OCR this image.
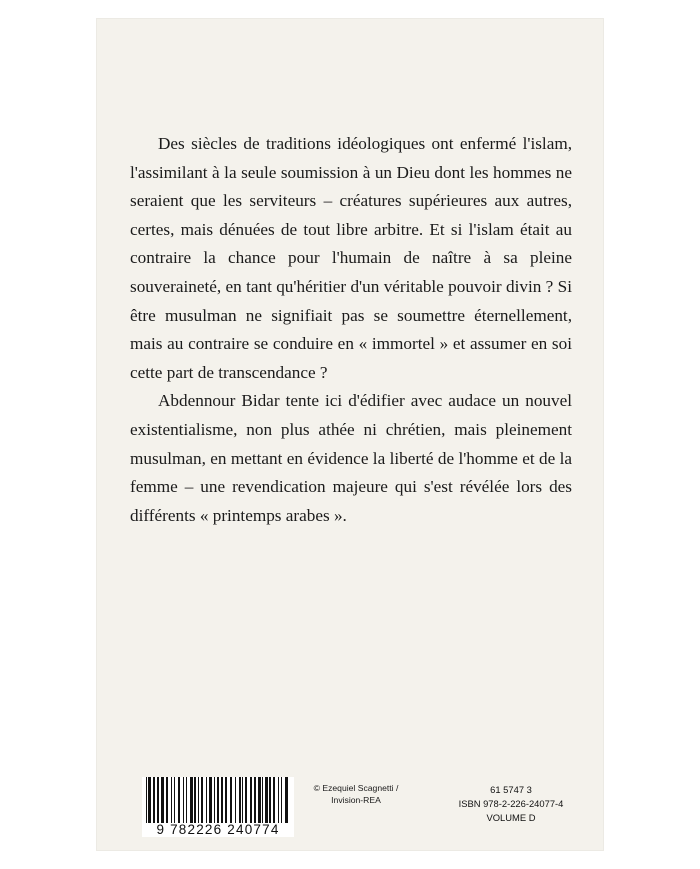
Des siècles de traditions idéologiques ont enfermé l'islam, l'assimilant à la seule soumission à un Dieu dont les hommes ne seraient que les serviteurs – créatures supérieures aux autres, certes, mais dénuées de tout libre arbitre. Et si l'islam était au contraire la chance pour l'humain de naître à sa pleine souveraineté, en tant qu'héritier d'un véritable pouvoir divin ? Si être musulman ne signifiait pas se soumettre éternellement, mais au contraire se conduire en « immortel » et assumer en soi cette part de transcendance ?

Abdennour Bidar tente ici d'édifier avec audace un nouvel existentialisme, non plus athée ni chrétien, mais pleinement musulman, en mettant en évidence la liberté de l'homme et de la femme – une revendication majeure qui s'est révélée lors des différents « printemps arabes ».

9 782226 240774
© Ezequiel Scagnetti /
Invision-REA
61 5747 3
ISBN 978-2-226-24077-4
VOLUME D
